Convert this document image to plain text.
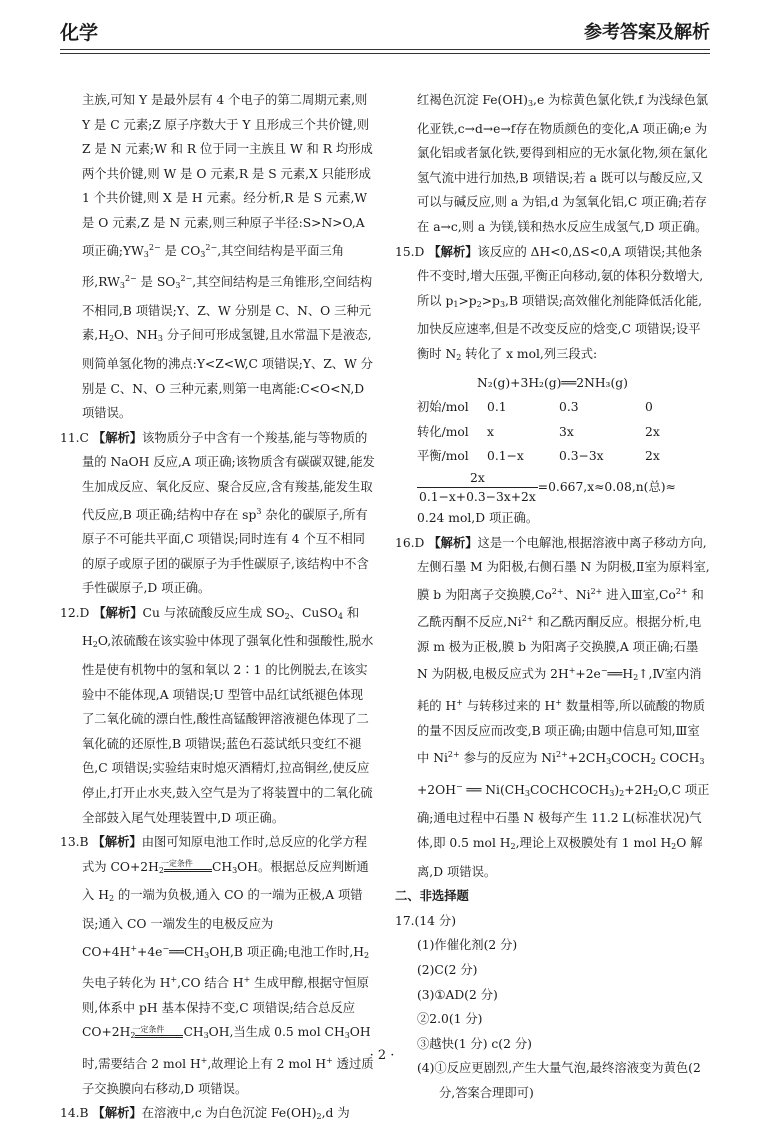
化学	参考答案及解析

主族,可知 Y 是最外层有 4 个电子的第二周期元素,则 Y 是 C 元素;Z 原子序数大于 Y 且形成三个共价键,则 Z 是 N 元素;W 和 R 位于同一主族且 W 和 R 均形成两个共价键,则 W 是 O 元素,R 是 S 元素,X 只能形成 1 个共价键,则 X 是 H 元素。经分析,R 是 S 元素,W 是 O 元素,Z 是 N 元素,则三种原子半径:S>N>O,A 项正确$;YW_3^{2-}$ 是 $CO_3^{2-}$,其空间结构是平面三角形$,RW_3^{2-}$ 是 $SO_3^{2-}$,其空间结构是三角锥形,空间结构不相同,B 项错误;Y、Z、W 分别是 C、N、O 三种元素$,H_2O$、$NH_3$ 分子间可形成氢键,且水常温下是液态,则简单氢化物的沸点:Y<Z<W,C 项错误;Y、Z、W 分别是 C、N、O 三种元素,则第一电离能:C<O<N,D 项错误。

11.C 【解析】该物质分子中含有一个羧基,能与等物质的量的 NaOH 反应,A 项正确;该物质含有碳碳双键,能发生加成反应、氧化反应、聚合反应,含有羧基,能发生取代反应,B 项正确;结构中存在 $sp^3$ 杂化的碳原子,所有原子不可能共平面,C 项错误;同时连有 4 个互不相同的原子或原子团的碳原子为手性碳原子,该结构中不含手性碳原子,D 项正确。

12.D 【解析】Cu 与浓硫酸反应生成 $SO_2$、CuSO$_4$ 和 $H_2O$,浓硫酸在该实验中体现了强氧化性和强酸性,脱水性是使有机物中的氢和氧以 2∶1 的比例脱去,在该实验中不能体现,A 项错误;U 型管中品红试纸褪色体现了二氧化硫的漂白性,酸性高锰酸钾溶液褪色体现了二氧化硫的还原性,B 项错误;蓝色石蕊试纸只变红不褪色,C 项错误;实验结束时熄灭酒精灯,拉高铜丝,使反应停止,打开止水夹,鼓入空气是为了将装置中的二氧化硫全部鼓入尾气处理装置中,D 项正确。

13.B 【解析】由图可知原电池工作时,总反应的化学方程式为 $CO+2H_2$
一定条件	$CH_3OH$。根据总反应判断通入 $H_2$ 的一端为负极,通入 CO 的一端为正极,A 项错误;通入 CO 一端发生的电极反应为 $CO+4H^++4e^-══CH_3OH,B$ 项正确;电池工作时$,H_2$ 失电子转化为 H+,CO 结合 H+ 生成甲醇,根据守恒原则,体系中 pH 基本保持不变,C 项错误;结合总反应 $CO+2H_2$
一定条件	$CH_3OH$,当生成 0.5 mol $CH_3OH$时,需要结合 2 mol H+,故理论上有 2 mol H+ 透过质子交换膜向右移动,D 项错误。

14.B 【解析】在溶液中,c 为白色沉淀 $Fe(OH)_2,d$ 为

红褐色沉淀 $Fe(OH)_3,e$ 为棕黄色氯化铁,f 为浅绿色氯化亚铁,c→d→e→f存在物质颜色的变化,A 项正确;e 为氯化铝或者氯化铁,要得到相应的无水氯化物,须在氯化氢气流中进行加热,B 项错误;若 a 既可以与酸反应,又可以与碱反应,则 a 为铝,d 为氢氧化铝,C 项正确;若存在 a→c,则 a 为镁,镁和热水反应生成氢气,D 项正确。

15.D 【解析】该反应的 ΔH<0,ΔS<0,A 项错误;其他条件不变时,增大压强,平衡正向移动,氨的体积分数增大,所以 $p_1>p_2>p_3,B$ 项错误;高效催化剂能降低活化能,加快反应速率,但是不改变反应的焓变,C 项错误;设平衡时 $N_2$ 转化了 x mol,列三段式:

N₂(g)+3H₂(g)══2NH₃(g)

初始/mol	0.1	0.3	0
转化/mol	x	3x	2x
平衡/mol	0.1−x	0.3−3x	2x

$\frac{2x}{0.1-x+0.3-3x+2x} =0.667,x\approx 0.08,n$(总)≈

0.24 mol,D 项正确。

16.D 【解析】这是一个电解池,根据溶液中离子移动方向,左侧石墨 M 为阳极,右侧石墨 N 为阴极,Ⅱ室为原料室,膜 b 为阳离子交换膜$,Co^{2+}$、$Ni^{2+}$ 进入Ⅲ室$,Co^{2+}$ 和乙酰丙酮不反应$,Ni^{2+}$ 和乙酰丙酮反应。根据分析,电源 m 极为正极,膜 b 为阳离子交换膜,A 项正确;石墨 N 为阴极,电极反应式为 $2H^++2e^-══H_2↑,Ⅳ$室内消耗的 H+ 与转移过来的 H+ 数量相等,所以硫酸的物质的量不因反应而改变,B 项正确;由题中信息可知,Ⅲ室中 $Ni^{2+}$ 参与的反应为 $Ni^{2+}+2CH_3COCH_2$ $COCH_3 +2OH^-$ ══ $Ni(CH_3COCHCOCH_3)_2+2H_2O,C$ 项正确;通电过程中石墨 N 极每产生 11.2 L(标准状况)气体,即 0.5 mol $H_2$,理论上双极膜处有 1 mol $H_2O$ 解离,D 项错误。

二、非选择题

17.(14 分)

(1)作催化剂(2 分)

(2)C(2 分)

(3)①AD(2 分)

②2.0(1 分)

③越快(1 分) c(2 分)

(4)①反应更剧烈,产生大量气泡,最终溶液变为黄色(2 分,答案合理即可)

· 2 ·
